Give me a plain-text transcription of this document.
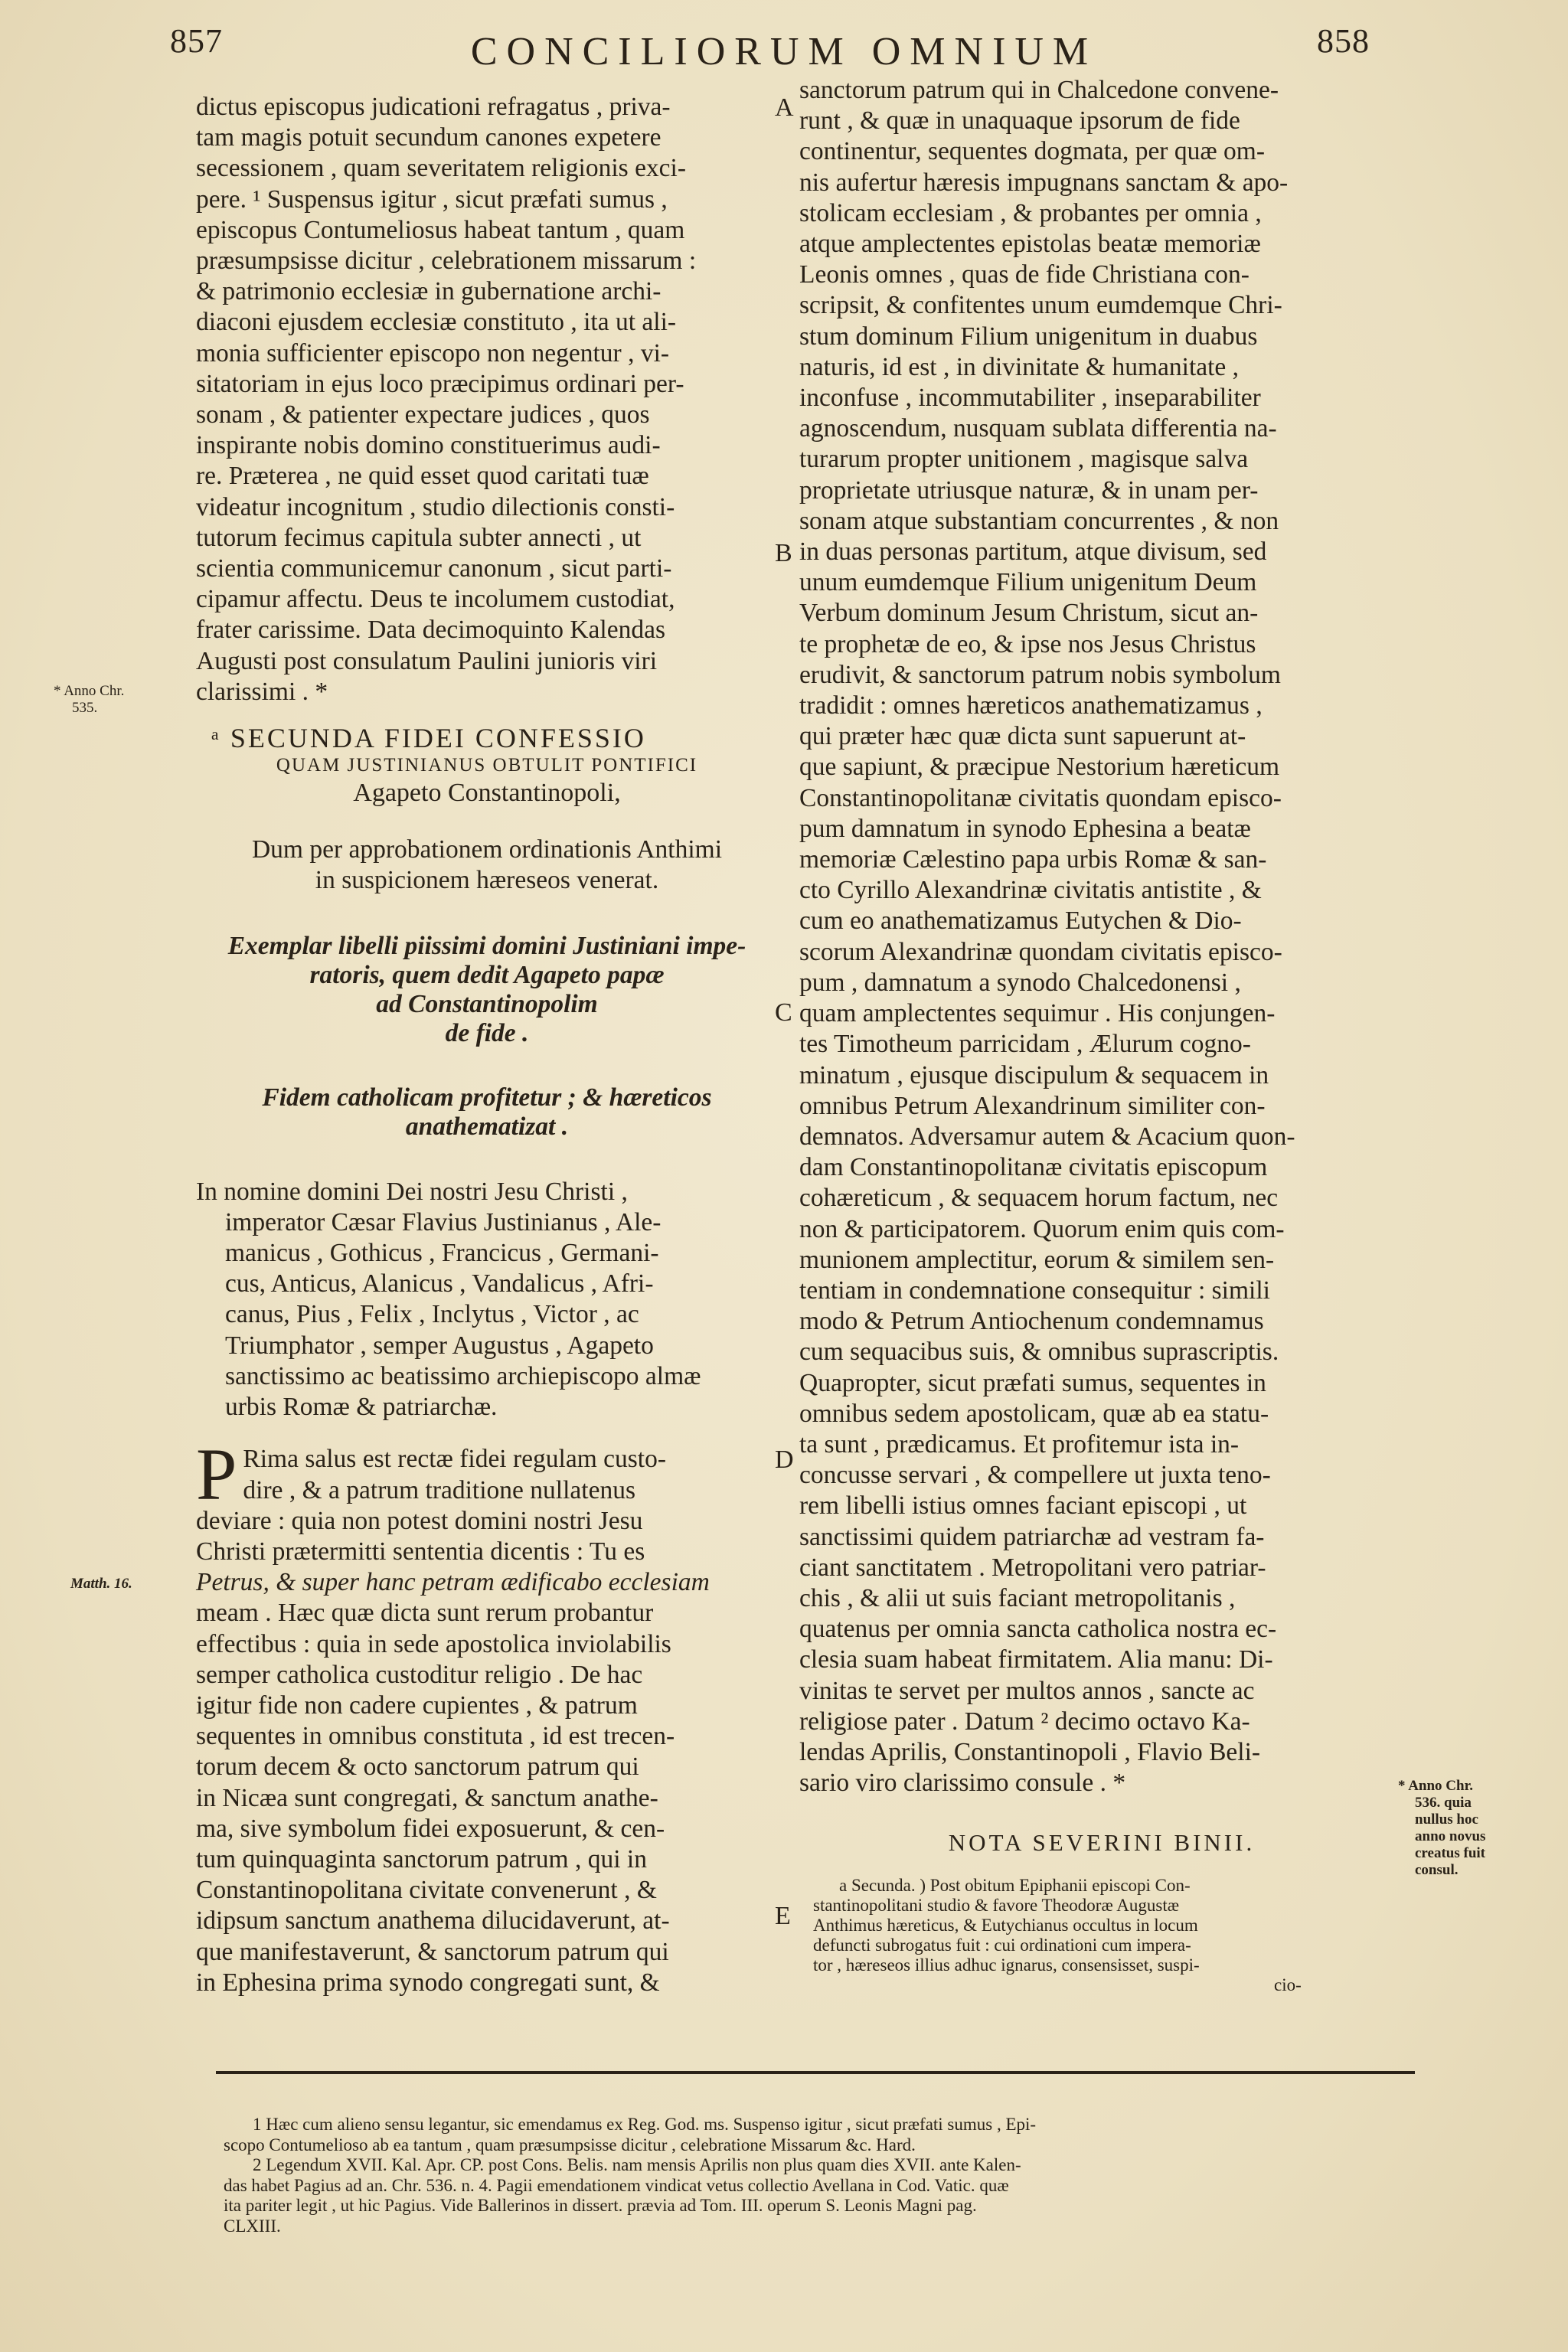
857	CONCILIORUM OMNIUM	858
dictus episcopus judicationi refragatus , priva-
tam magis potuit secundum canones expetere
secessionem , quam severitatem religionis exci-
pere. ¹ Suspensus igitur , sicut præfati sumus ,
episcopus Contumeliosus habeat tantum , quam
præsumpsisse dicitur , celebrationem missarum :
& patrimonio ecclesiæ in gubernatione archi-
diaconi ejusdem ecclesiæ constituto , ita ut ali-
monia sufficienter episcopo non negentur , vi-
sitatoriam in ejus loco præcipimus ordinari per-
sonam , & patienter expectare judices , quos
inspirante nobis domino constituerimus audi-
re. Præterea , ne quid esset quod caritati tuæ
videatur incognitum , studio dilectionis consti-
tutorum fecimus capitula subter annecti , ut
scientia communicemur canonum , sicut parti-
cipamur affectu. Deus te incolumem custodiat,
frater carissime. Data decimoquinto Kalendas
Augusti post consulatum Paulini junioris viri
clarissimi . *
ᵃ SECUNDA FIDEI CONFESSIO
QUAM JUSTINIANUS OBTULIT PONTIFICI
Agapeto Constantinopoli,
Dum per approbationem ordinationis Anthimi
in suspicionem hæreseos venerat.
Exemplar libelli piissimi domini Justiniani impe-
ratoris, quem dedit Agapeto papæ
ad Constantinopolim
de fide .
Fidem catholicam profitetur ; & hæreticos
anathematizat .
In nomine domini Dei nostri Jesu Christi ,
imperator Cæsar Flavius Justinianus , Ale-
manicus , Gothicus , Francicus , Germani-
cus, Anticus, Alanicus , Vandalicus , Afri-
canus, Pius , Felix , Inclytus , Victor , ac
Triumphator , semper Augustus , Agapeto
sanctissimo ac beatissimo archiepiscopo almæ
urbis Romæ & patriarchæ.
P Rima salus est rectæ fidei regulam custo-
dire , & a patrum traditione nullatenus
deviare : quia non potest domini nostri Jesu
Christi prætermitti sententia dicentis : Tu es
Petrus, & super hanc petram ædificabo ecclesiam
meam . Hæc quæ dicta sunt rerum probantur
effectibus : quia in sede apostolica inviolabilis
semper catholica custoditur religio . De hac
igitur fide non cadere cupientes , & patrum
sequentes in omnibus constituta , id est trecen-
torum decem & octo sanctorum patrum qui
in Nicæa sunt congregati, & sanctum anathe-
ma, sive symbolum fidei exposuerunt, & cen-
tum quinquaginta sanctorum patrum , qui in
Constantinopolitana civitate convenerunt , &
idipsum sanctum anathema dilucidaverunt, at-
que manifestaverunt, & sanctorum patrum qui
in Ephesina prima synodo congregati sunt, &
A
B
C
D
E
sanctorum patrum qui in Chalcedone convene-
runt , & quæ in unaquaque ipsorum de fide
continentur, sequentes dogmata, per quæ om-
nis aufertur hæresis impugnans sanctam & apo-
stolicam ecclesiam , & probantes per omnia ,
atque amplectentes epistolas beatæ memoriæ
Leonis omnes , quas de fide Christiana con-
scripsit, & confitentes unum eumdemque Chri-
stum dominum Filium unigenitum in duabus
naturis, id est , in divinitate & humanitate ,
inconfuse , incommutabiliter , inseparabiliter
agnoscendum, nusquam sublata differentia na-
turarum propter unitionem , magisque salva
proprietate utriusque naturæ, & in unam per-
sonam atque substantiam concurrentes , & non
in duas personas partitum, atque divisum, sed
unum eumdemque Filium unigenitum Deum
Verbum dominum Jesum Christum, sicut an-
te prophetæ de eo, & ipse nos Jesus Christus
erudivit, & sanctorum patrum nobis symbolum
tradidit : omnes hæreticos anathematizamus ,
qui præter hæc quæ dicta sunt sapuerunt at-
que sapiunt, & præcipue Nestorium hæreticum
Constantinopolitanæ civitatis quondam episco-
pum damnatum in synodo Ephesina a beatæ
memoriæ Cælestino papa urbis Romæ & san-
cto Cyrillo Alexandrinæ civitatis antistite , &
cum eo anathematizamus Eutychen & Dio-
scorum Alexandrinæ quondam civitatis episco-
pum , damnatum a synodo Chalcedonensi ,
quam amplectentes sequimur . His conjungen-
tes Timotheum parricidam , Ælurum cogno-
minatum , ejusque discipulum & sequacem in
omnibus Petrum Alexandrinum similiter con-
demnatos. Adversamur autem & Acacium quon-
dam Constantinopolitanæ civitatis episcopum
cohæreticum , & sequacem horum factum, nec
non & participatorem. Quorum enim quis com-
munionem amplectitur, eorum & similem sen-
tentiam in condemnatione consequitur : simili
modo & Petrum Antiochenum condemnamus
cum sequacibus suis, & omnibus suprascriptis.
Quapropter, sicut præfati sumus, sequentes in
omnibus sedem apostolicam, quæ ab ea statu-
ta sunt , prædicamus. Et profitemur ista in-
concusse servari , & compellere ut juxta teno-
rem libelli istius omnes faciant episcopi , ut
sanctissimi quidem patriarchæ ad vestram fa-
ciant sanctitatem . Metropolitani vero patriar-
chis , & alii ut suis faciant metropolitanis ,
quatenus per omnia sancta catholica nostra ec-
clesia suam habeat firmitatem. Alia manu: Di-
vinitas te servet per multos annos , sancte ac
religiose pater . Datum ² decimo octavo Ka-
lendas Aprilis, Constantinopoli , Flavio Beli-
sario viro clarissimo consule . *
NOTA SEVERINI BINII.
a Secunda. ) Post obitum Epiphanii episcopi Con-
stantinopolitani studio & favore Theodoræ Augustæ
Anthimus hæreticus, & Eutychianus occultus in locum
defuncti subrogatus fuit : cui ordinationi cum impera-
tor , hæreseos illius adhuc ignarus, consensisset, suspi-
cio-
* Anno Chr.
535.
Matth. 16.
* Anno Chr.
536. quia
nullus hoc
anno novus
creatus fuit
consul.
1 Hæc cum alieno sensu legantur, sic emendamus ex Reg. God. ms. Suspenso igitur , sicut præfati sumus , Epi-
scopo Contumelioso ab ea tantum , quam præsumpsisse dicitur , celebratione Missarum &c. Hard.
2 Legendum XVII. Kal. Apr. CP. post Cons. Belis. nam mensis Aprilis non plus quam dies XVII. ante Kalen-
das habet Pagius ad an. Chr. 536. n. 4. Pagii emendationem vindicat vetus collectio Avellana in Cod. Vatic. quæ
ita pariter legit , ut hic Pagius. Vide Ballerinos in dissert. prævia ad Tom. III. operum S. Leonis Magni pag.
CLXIII.
